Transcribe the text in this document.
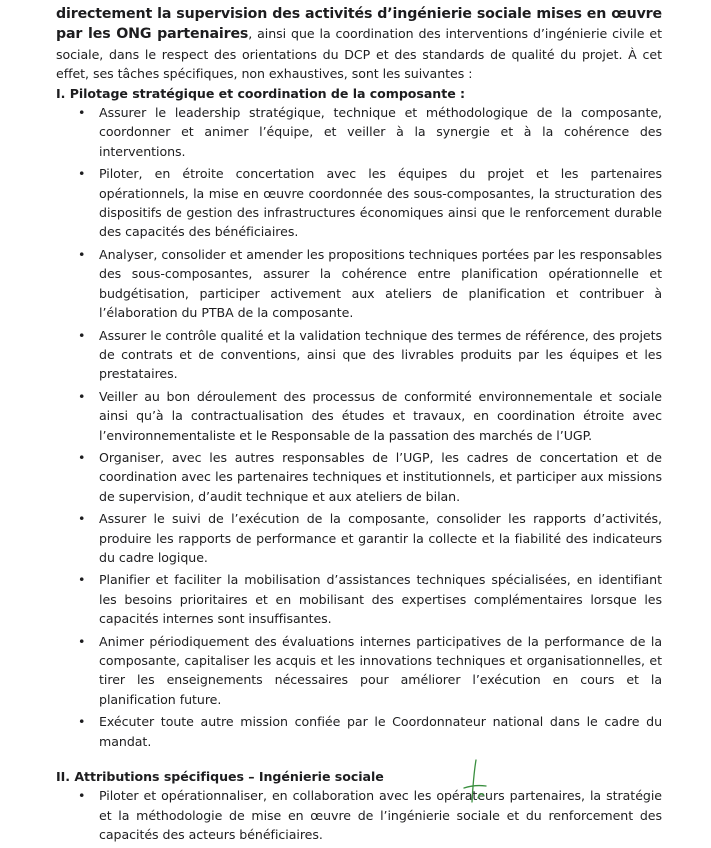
directement la supervision des activités d’ingénierie sociale mises en œuvre par les ONG partenaires, ainsi que la coordination des interventions d’ingénierie civile et sociale, dans le respect des orientations du DCP et des standards de qualité du projet. À cet effet, ses tâches spécifiques, non exhaustives, sont les suivantes :

I. Pilotage stratégique et coordination de la composante :

• Assurer le leadership stratégique, technique et méthodologique de la composante, coordonner et animer l’équipe, et veiller à la synergie et à la cohérence des interventions.
• Piloter, en étroite concertation avec les équipes du projet et les partenaires opérationnels, la mise en œuvre coordonnée des sous-composantes, la structuration des dispositifs de gestion des infrastructures économiques ainsi que le renforcement durable des capacités des bénéficiaires.
• Analyser, consolider et amender les propositions techniques portées par les responsables des sous-composantes, assurer la cohérence entre planification opérationnelle et budgétisation, participer activement aux ateliers de planification et contribuer à l’élaboration du PTBA de la composante.
• Assurer le contrôle qualité et la validation technique des termes de référence, des projets de contrats et de conventions, ainsi que des livrables produits par les équipes et les prestataires.
• Veiller au bon déroulement des processus de conformité environnementale et sociale ainsi qu’à la contractualisation des études et travaux, en coordination étroite avec l’environnementaliste et le Responsable de la passation des marchés de l’UGP.
• Organiser, avec les autres responsables de l’UGP, les cadres de concertation et de coordination avec les partenaires techniques et institutionnels, et participer aux missions de supervision, d’audit technique et aux ateliers de bilan.
• Assurer le suivi de l’exécution de la composante, consolider les rapports d’activités, produire les rapports de performance et garantir la collecte et la fiabilité des indicateurs du cadre logique.
• Planifier et faciliter la mobilisation d’assistances techniques spécialisées, en identifiant les besoins prioritaires et en mobilisant des expertises complémentaires lorsque les capacités internes sont insuffisantes.
• Animer périodiquement des évaluations internes participatives de la performance de la composante, capitaliser les acquis et les innovations techniques et organisationnelles, et tirer les enseignements nécessaires pour améliorer l’exécution en cours et la planification future.
• Exécuter toute autre mission confiée par le Coordonnateur national dans le cadre du mandat.

II. Attributions spécifiques – Ingénierie sociale

• Piloter et opérationnaliser, en collaboration avec les opérateurs partenaires, la stratégie et la méthodologie de mise en œuvre de l’ingénierie sociale et du renforcement des capacités des acteurs bénéficiaires.
